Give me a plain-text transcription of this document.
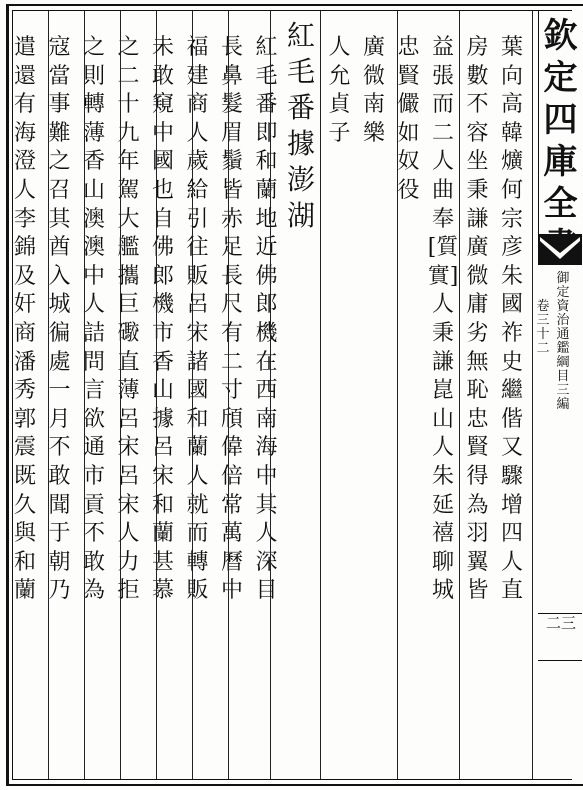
欽
定
四
庫
全
御
定
資
治
通
鑑
綱
目
三
編
卷
三
十
二
二三
葉
向
高
韓
爌
何
宗
彦
朱
國
祚
史
繼
偕
又
驟
增
四
人
直
房
數
不
容
坐
秉
謙
廣
微
庸
劣
無
恥
忠
賢
得
為
羽
翼
皆
益
張
而
二
人
曲
奉
[質
實]
人
秉
謙
崑
山
人
朱
延
禧
聊
城
忠
賢
儼
如
奴
役
廣
微
南
樂
人
允
貞
子
紅
毛
番
據
澎
湖
紅
毛
番
即
和
蘭
地
近
佛
郎
機
在
西
南
海
中
其
人
深
目
長
鼻
髮
眉
鬚
皆
赤
足
長
尺
有
二
寸
頎
偉
倍
常
萬
曆
中
福
建
商
人
歲
給
引
往
販
呂
宋
諸
國
和
蘭
人
就
而
轉
販
未
敢
窺
中
國
也
自
佛
郎
機
市
香
山
據
呂
宋
和
蘭
甚
慕
之
二
十
九
年
駕
大
艦
攜
巨
礮
直
薄
呂
宋
呂
宋
人
力
拒
之
則
轉
薄
香
山
澳
澳
中
人
詰
問
言
欲
通
市
貢
不
敢
為
寇
當
事
難
之
召
其
酋
入
城
徧
處
一
月
不
敢
聞
于
朝
乃
遣
還
有
海
澄
人
李
錦
及
奸
商
潘
秀
郭
震
既
久
與
和
蘭
